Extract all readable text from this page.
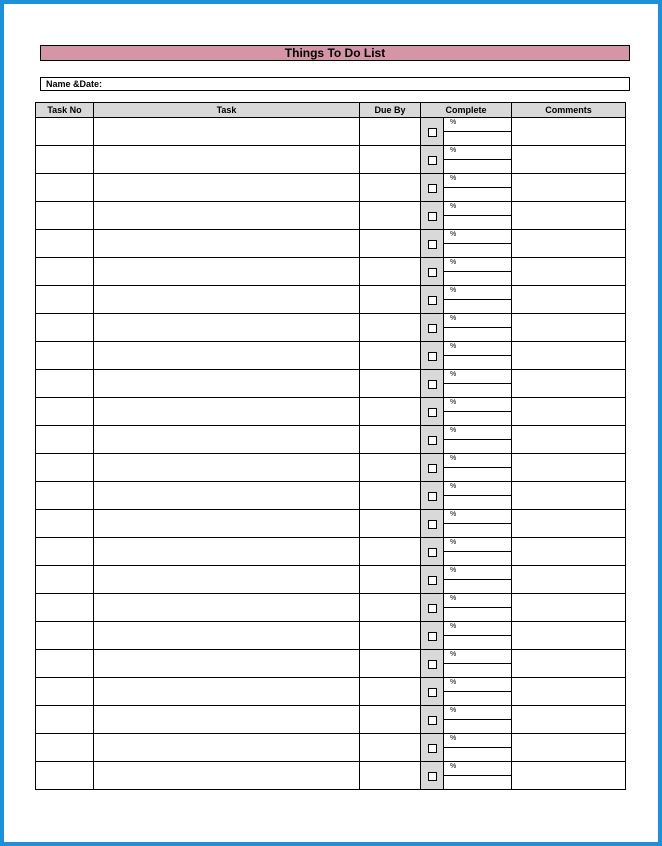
Things To Do List
Name &Date:
Task No	Task	Due By	Complete		Comments

				%	

				%	

				%	

				%	

				%	

				%	

				%	

				%	

				%	

				%	

				%	

				%	

				%	

				%	

				%	

				%	

				%	

				%	

				%	

				%	

				%	

				%	

				%	

				%	
